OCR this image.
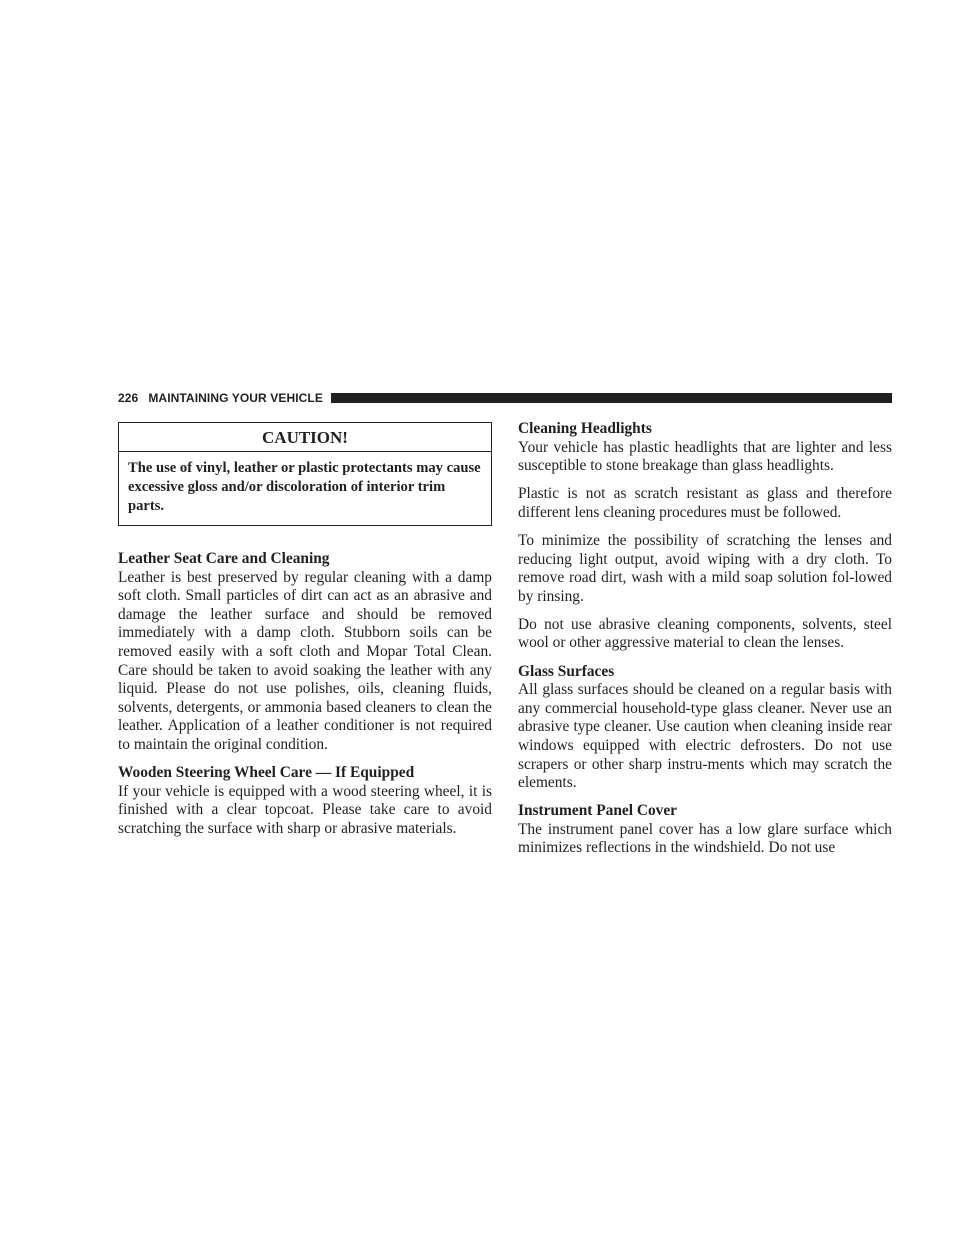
226 MAINTAINING YOUR VEHICLE
CAUTION!
The use of vinyl, leather or plastic protectants may cause excessive gloss and/or discoloration of interior trim parts.
Leather Seat Care and Cleaning

Leather is best preserved by regular cleaning with a damp soft cloth. Small particles of dirt can act as an abrasive and damage the leather surface and should be removed immediately with a damp cloth. Stubborn soils can be removed easily with a soft cloth and Mopar Total Clean. Care should be taken to avoid soaking the leather with any liquid. Please do not use polishes, oils, cleaning fluids, solvents, detergents, or ammonia based cleaners to clean the leather. Application of a leather conditioner is not required to maintain the original condition.

Wooden Steering Wheel Care — If Equipped

If your vehicle is equipped with a wood steering wheel, it is finished with a clear topcoat. Please take care to avoid scratching the surface with sharp or abrasive materials.

Cleaning Headlights

Your vehicle has plastic headlights that are lighter and less susceptible to stone breakage than glass headlights.

Plastic is not as scratch resistant as glass and therefore different lens cleaning procedures must be followed.

To minimize the possibility of scratching the lenses and reducing light output, avoid wiping with a dry cloth. To remove road dirt, wash with a mild soap solution fol-lowed by rinsing.

Do not use abrasive cleaning components, solvents, steel wool or other aggressive material to clean the lenses.

Glass Surfaces

All glass surfaces should be cleaned on a regular basis with any commercial household-type glass cleaner. Never use an abrasive type cleaner. Use caution when cleaning inside rear windows equipped with electric defrosters. Do not use scrapers or other sharp instru-ments which may scratch the elements.

Instrument Panel Cover

The instrument panel cover has a low glare surface which minimizes reflections in the windshield. Do not use
